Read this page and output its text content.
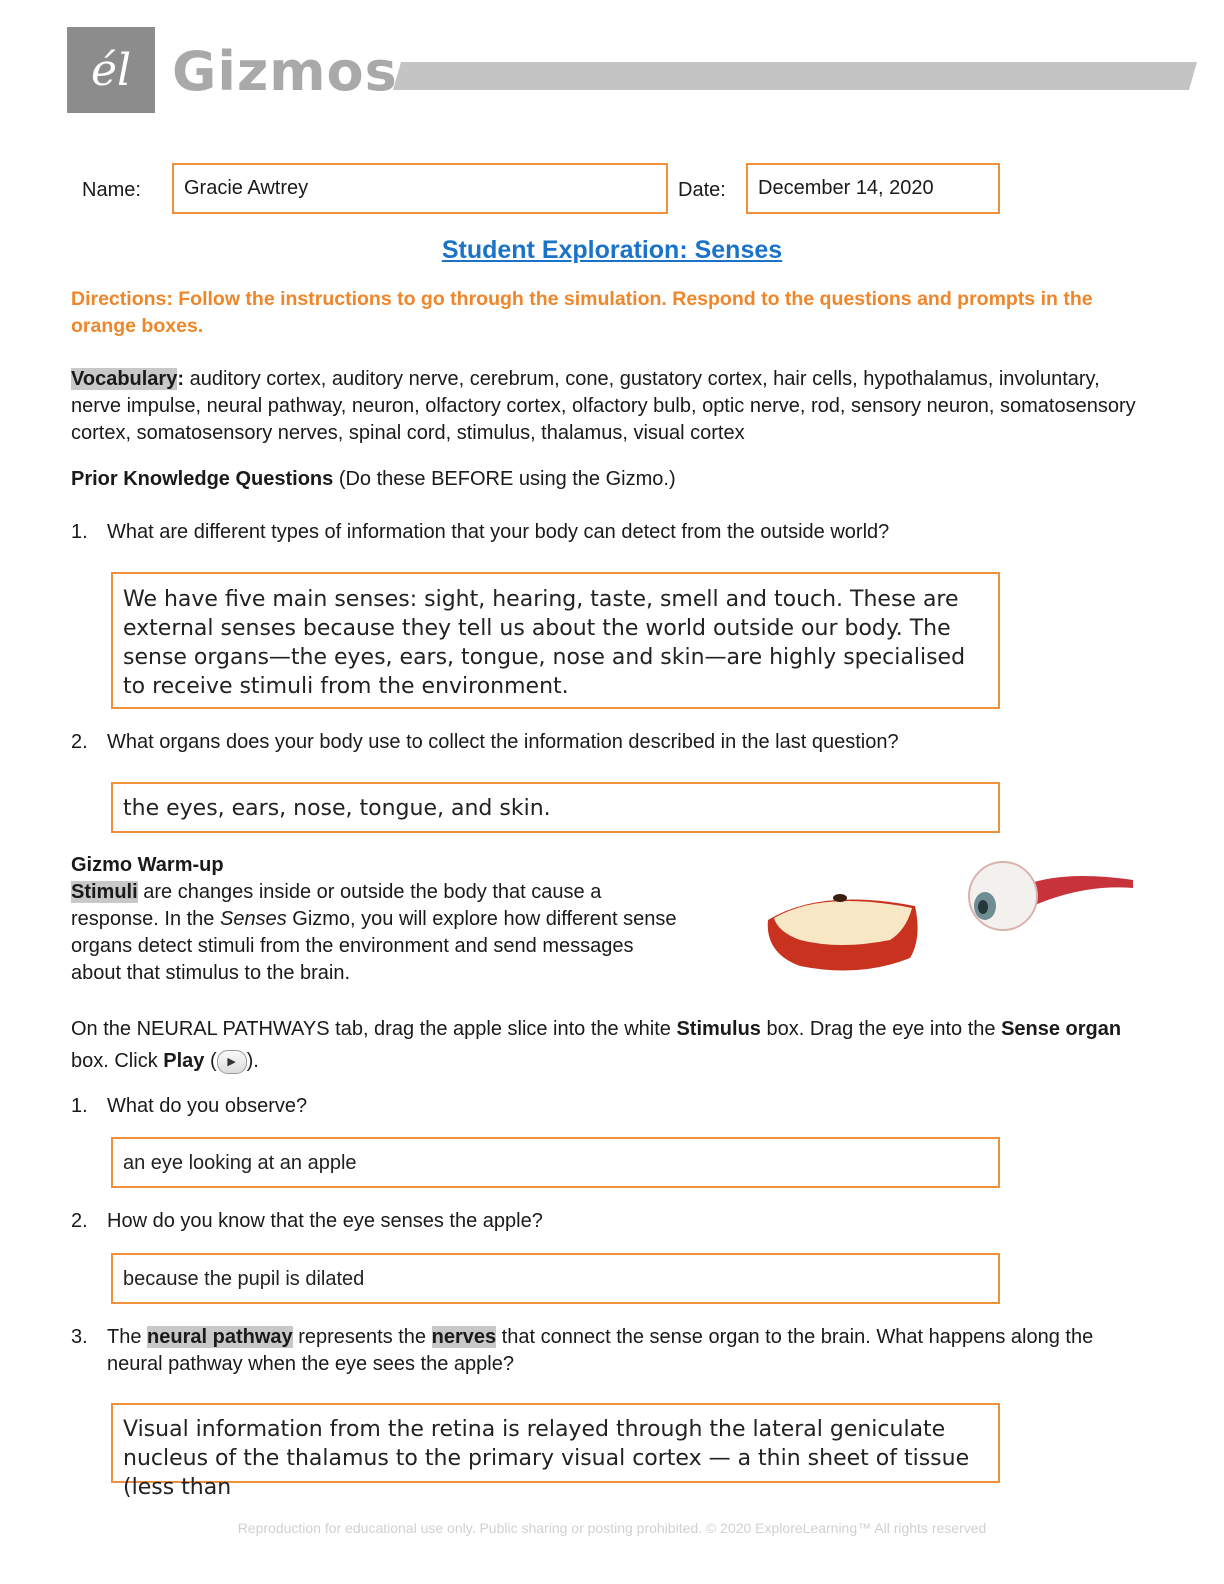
él Gizmos
Name: Gracie Awtrey	Date: December 14, 2020
Student Exploration: Senses
Directions: Follow the instructions to go through the simulation. Respond to the questions and prompts in the orange boxes.
Vocabulary: auditory cortex, auditory nerve, cerebrum, cone, gustatory cortex, hair cells, hypothalamus, involuntary, nerve impulse, neural pathway, neuron, olfactory cortex, olfactory bulb, optic nerve, rod, sensory neuron, somatosensory cortex, somatosensory nerves, spinal cord, stimulus, thalamus, visual cortex
Prior Knowledge Questions (Do these BEFORE using the Gizmo.)
1. What are different types of information that your body can detect from the outside world?
We have five main senses: sight, hearing, taste, smell and touch. These are external senses because they tell us about the world outside our body. The sense organs—the eyes, ears, tongue, nose and skin—are highly specialised to receive stimuli from the environment.
2. What organs does your body use to collect the information described in the last question?
the eyes, ears, nose, tongue, and skin.
Gizmo Warm-up
Stimuli are changes inside or outside the body that cause a response. In the Senses Gizmo, you will explore how different sense organs detect stimuli from the environment and send messages about that stimulus to the brain.
On the NEURAL PATHWAYS tab, drag the apple slice into the white Stimulus box. Drag the eye into the Sense organ box. Click Play ( ▶ ).
1. What do you observe?
an eye looking at an apple
2. How do you know that the eye senses the apple?
because the pupil is dilated
3. The neural pathway represents the nerves that connect the sense organ to the brain. What happens along the neural pathway when the eye sees the apple?
Visual information from the retina is relayed through the lateral geniculate nucleus of the thalamus to the primary visual cortex — a thin sheet of tissue (less than
Reproduction for educational use only. Public sharing or posting prohibited. © 2020 ExploreLearning™ All rights reserved
